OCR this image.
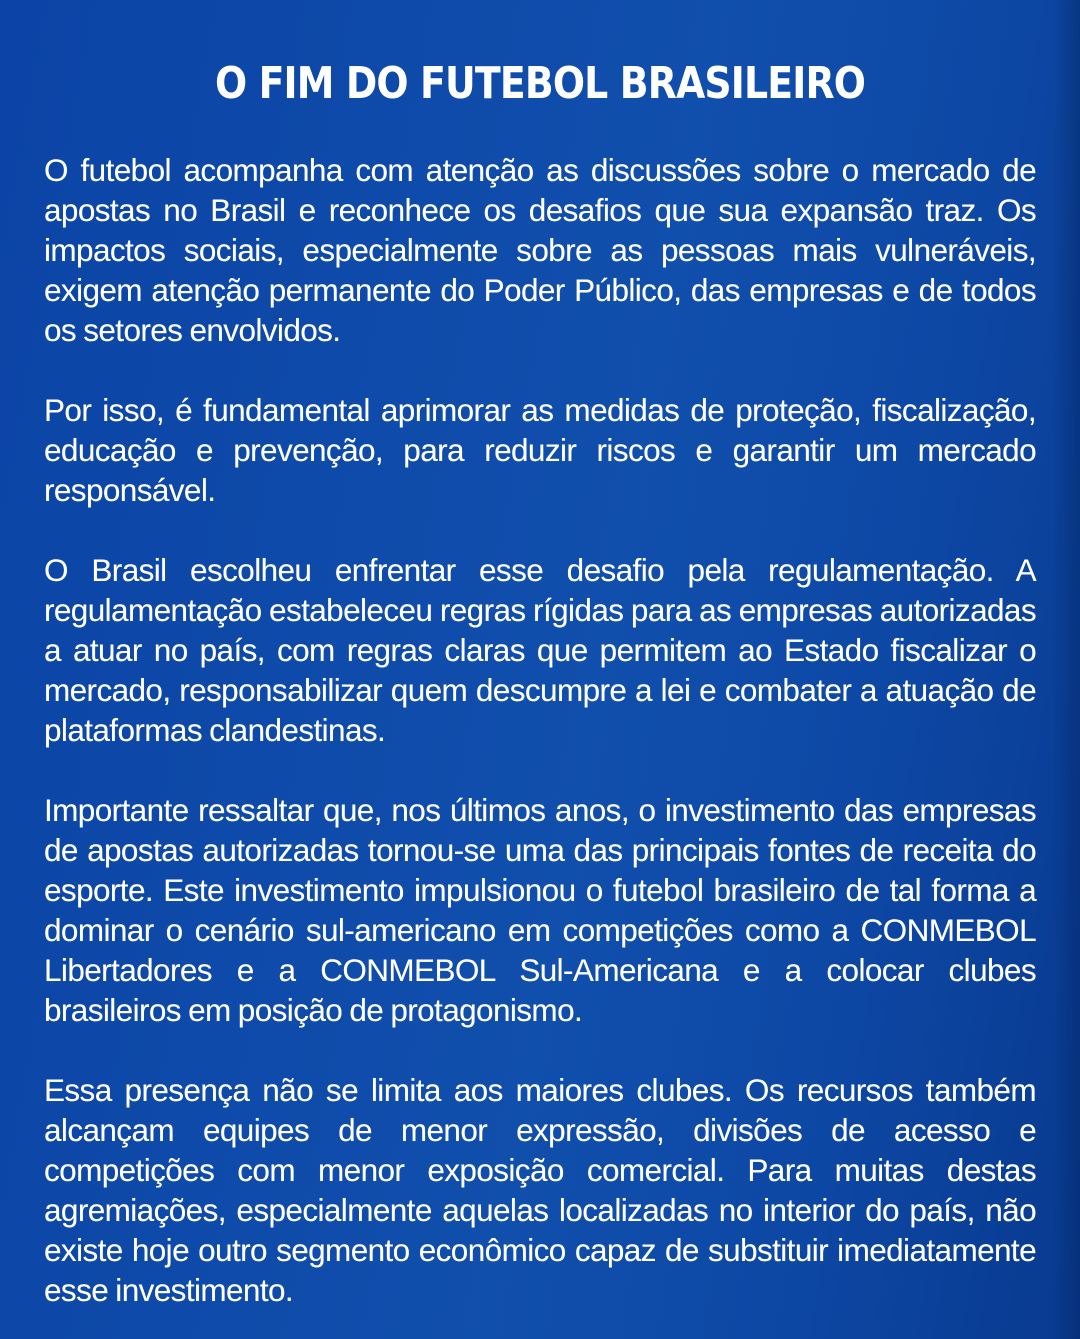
O FIM DO FUTEBOL BRASILEIRO

O futebol acompanha com atenção as discussões sobre o mercado de apostas no Brasil e reconhece os desafios que sua expansão traz. Os impactos sociais, especialmente sobre as pessoas mais vulneráveis, exigem atenção permanente do Poder Público, das empresas e de todos os setores envolvidos.

Por isso, é fundamental aprimorar as medidas de proteção, fiscalização, educação e prevenção, para reduzir riscos e garantir um mercado responsável.

O Brasil escolheu enfrentar esse desafio pela regulamentação. A regulamentação estabeleceu regras rígidas para as empresas autorizadas a atuar no país, com regras claras que permitem ao Estado fiscalizar o mercado, responsabilizar quem descumpre a lei e combater a atuação de plataformas clandestinas.

Importante ressaltar que, nos últimos anos, o investimento das empresas de apostas autorizadas tornou-se uma das principais fontes de receita do esporte. Este investimento impulsionou o futebol brasileiro de tal forma a dominar o cenário sul-americano em competições como a CONMEBOL Libertadores e a CONMEBOL Sul-Americana e a colocar clubes brasileiros em posição de protagonismo.

Essa presença não se limita aos maiores clubes. Os recursos também alcançam equipes de menor expressão, divisões de acesso e competições com menor exposição comercial. Para muitas destas agremiações, especialmente aquelas localizadas no interior do país, não existe hoje outro segmento econômico capaz de substituir imediatamente esse investimento.
